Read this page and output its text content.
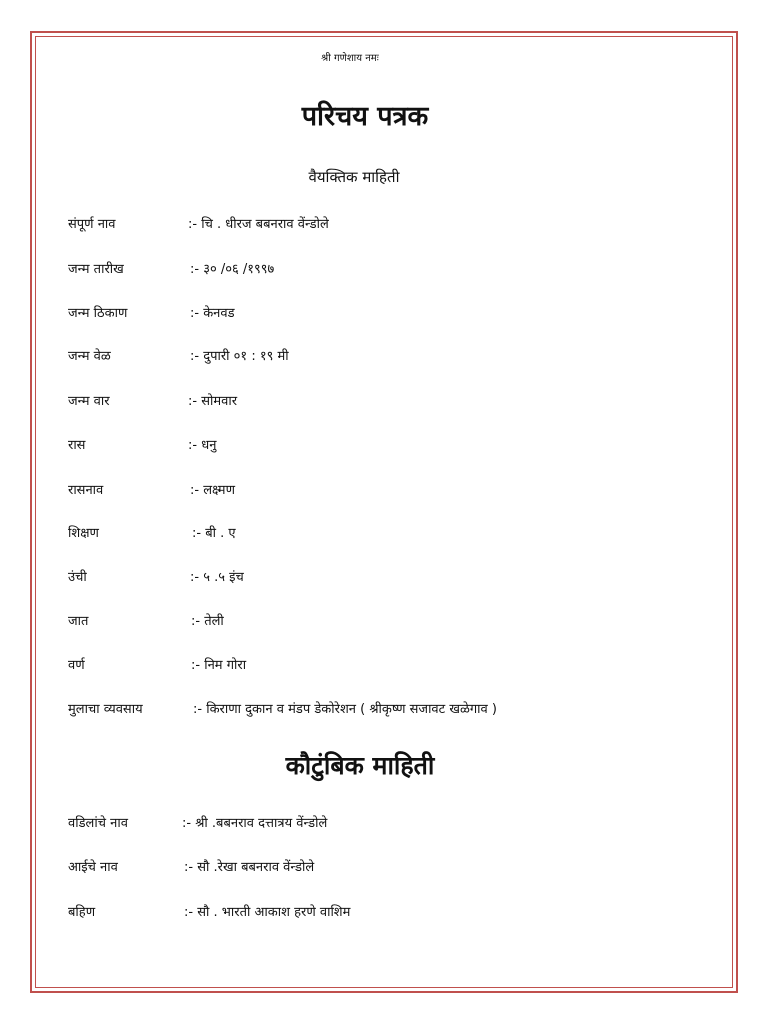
श्री गणेशाय नमः
परिचय पत्रक
वैयक्तिक माहिती
संपूर्ण नाव	:- चि . धीरज बबनराव वेंन्डोले
जन्म तारीख	:- ३० /०६ /१९९७
जन्म ठिकाण	:- केनवड
जन्म वेळ	:- दुपारी ०१ : १९ मी
जन्म वार	:- सोमवार
रास	:- धनु
रासनाव	:- लक्ष्मण
शिक्षण	:- बी . ए
उंची	:- ५ .५ इंच
जात	:- तेली
वर्ण	:- निम गोरा
मुलाचा व्यवसाय	:- किराणा दुकान व मंडप डेकोरेशन ( श्रीकृष्ण सजावट खळेगाव )
कौटुंबिक माहिती
वडिलांचे नाव	:- श्री .बबनराव दत्तात्रय वेंन्डोले
आईचे नाव	:- सौ .रेखा बबनराव वेंन्डोले
बहिण	:- सौ . भारती आकाश हरणे वाशिम
